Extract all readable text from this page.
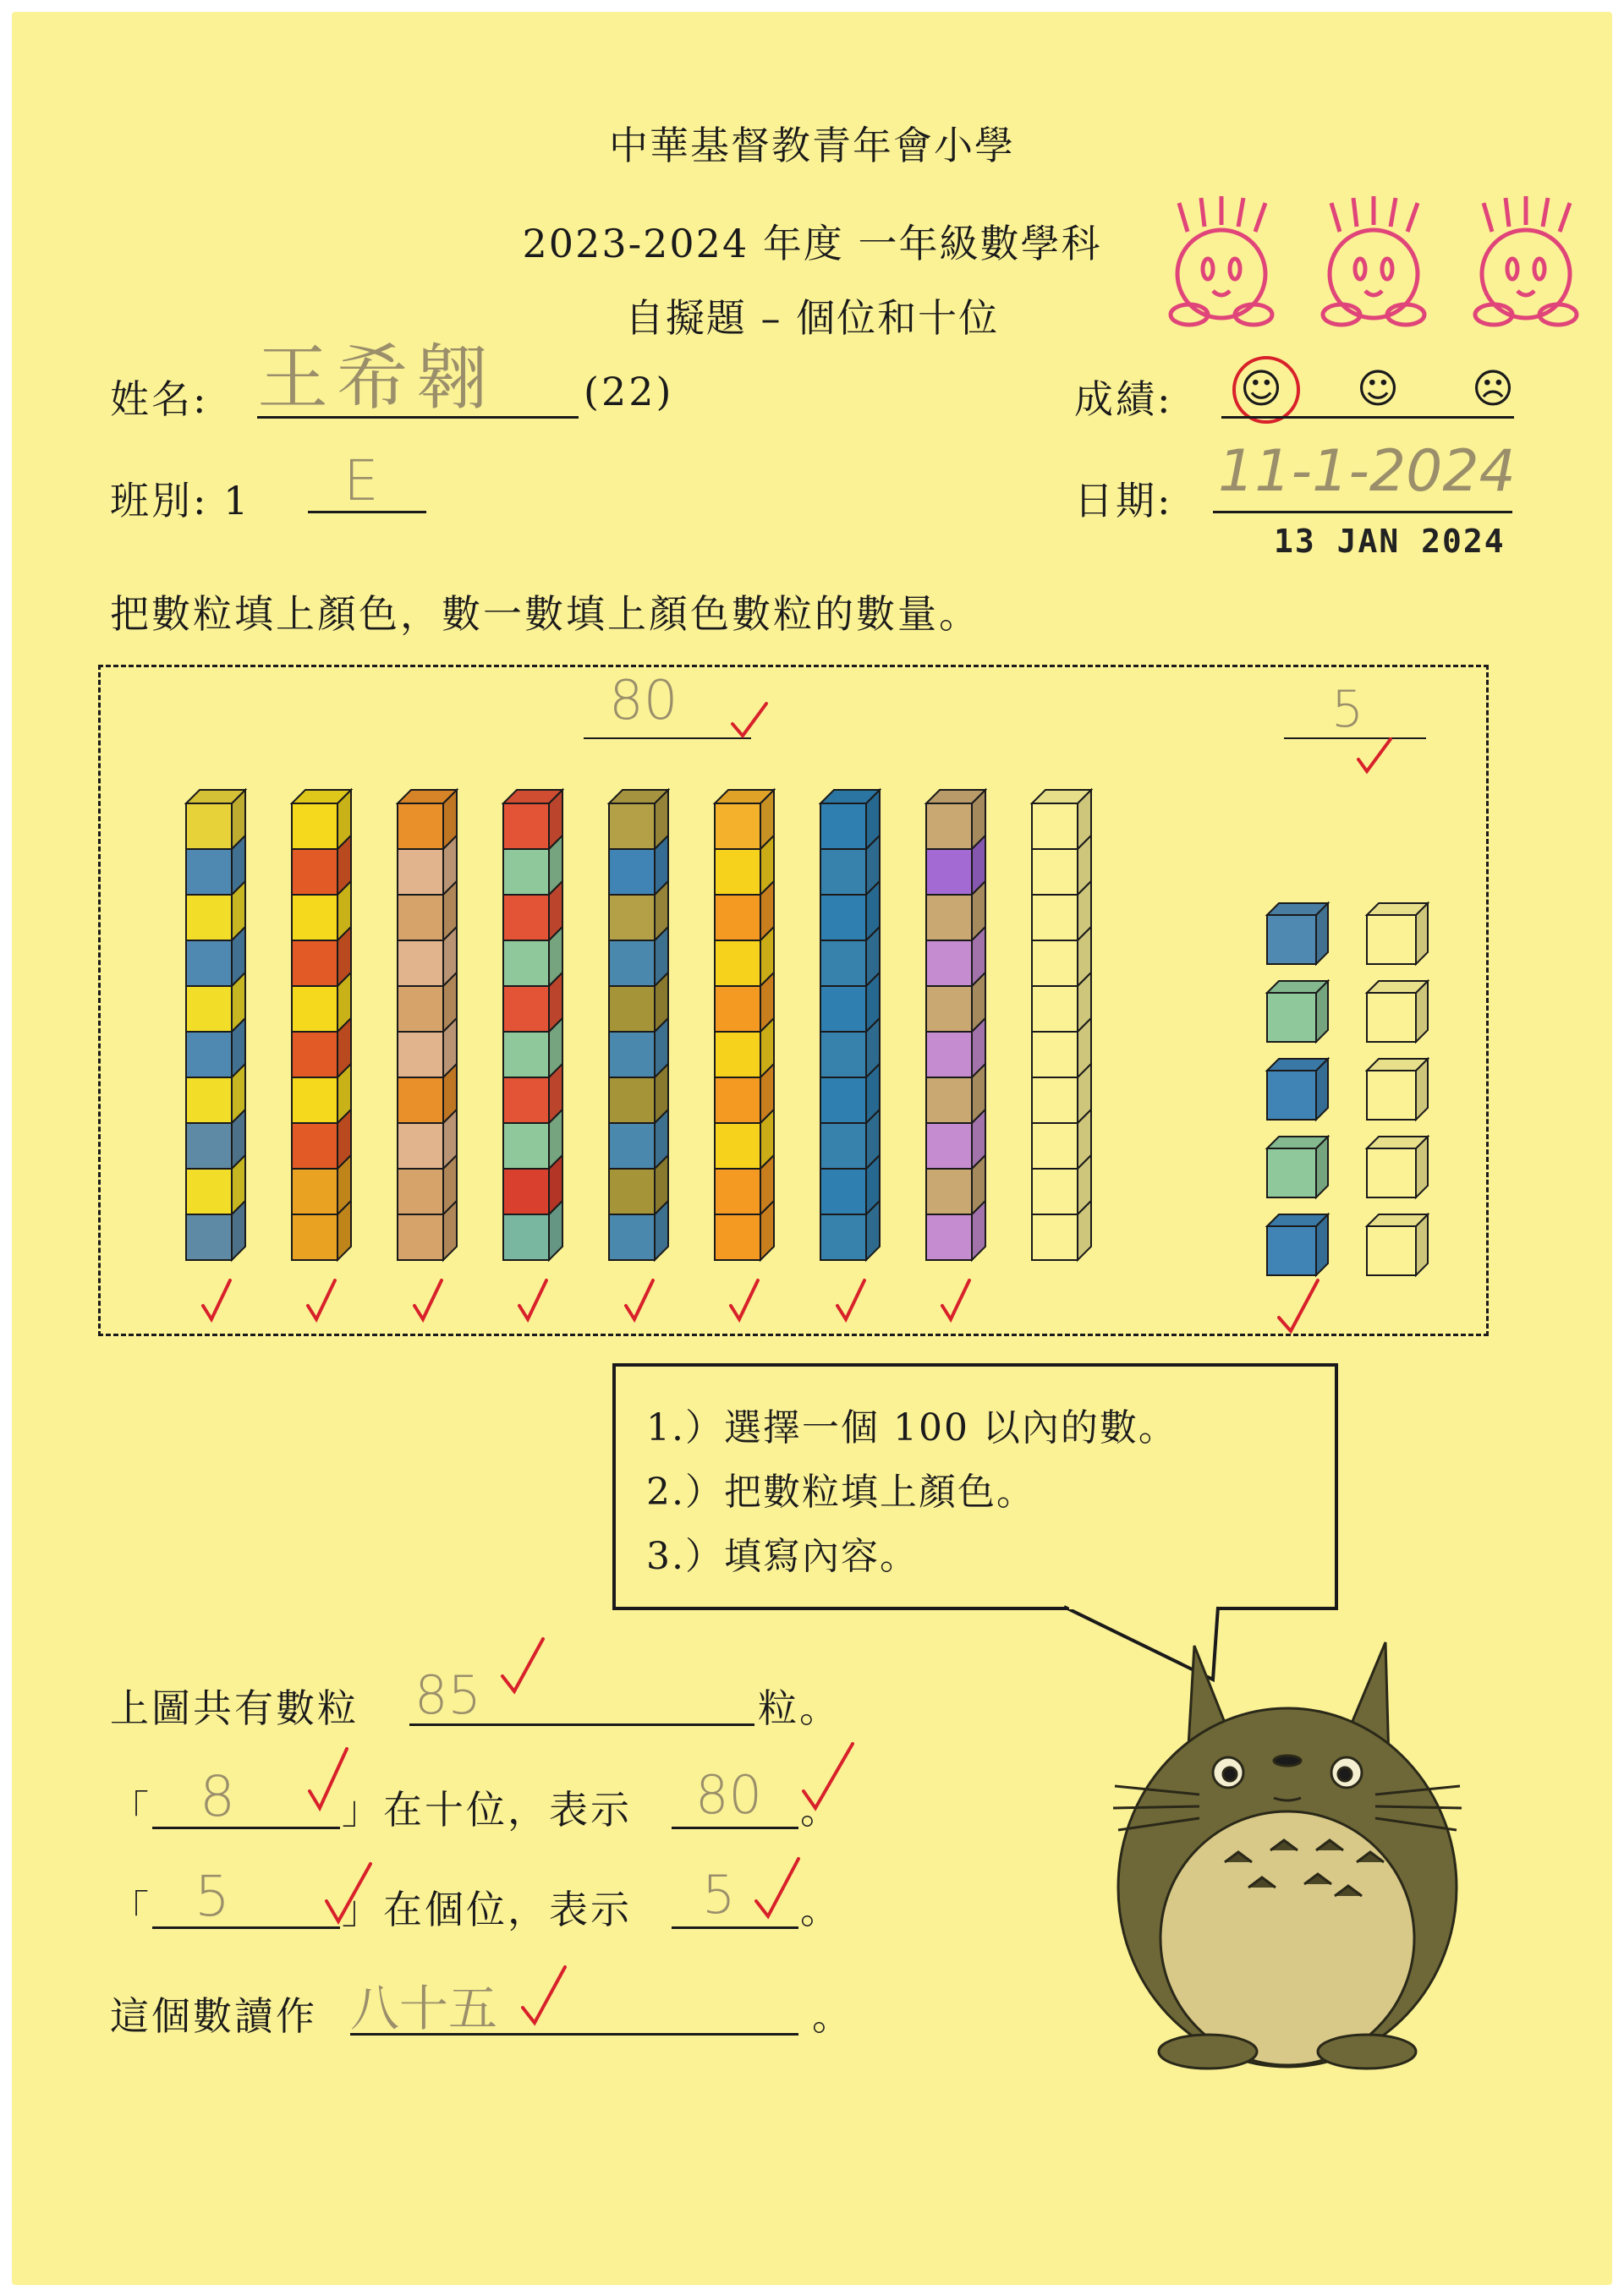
中華基督教青年會小學
2023-2024 年度 一年級數學科
自擬題 – 個位和十位
姓名: 王希翱 (22)	成績: ☺ ☺ ☹
班別: 1 E	日期: 11-1-2024
13 JAN 2024
把數粒填上顏色，數一數填上顏色數粒的數量。
80	5
1.）選擇一個 100 以內的數。
2.）把數粒填上顏色。
3.）填寫內容。
上圖共有數粒 85	粒。
「 8	」在十位，表示 80 。
「 5	」在個位，表示 5 。
這個數讀作 八十五	。
